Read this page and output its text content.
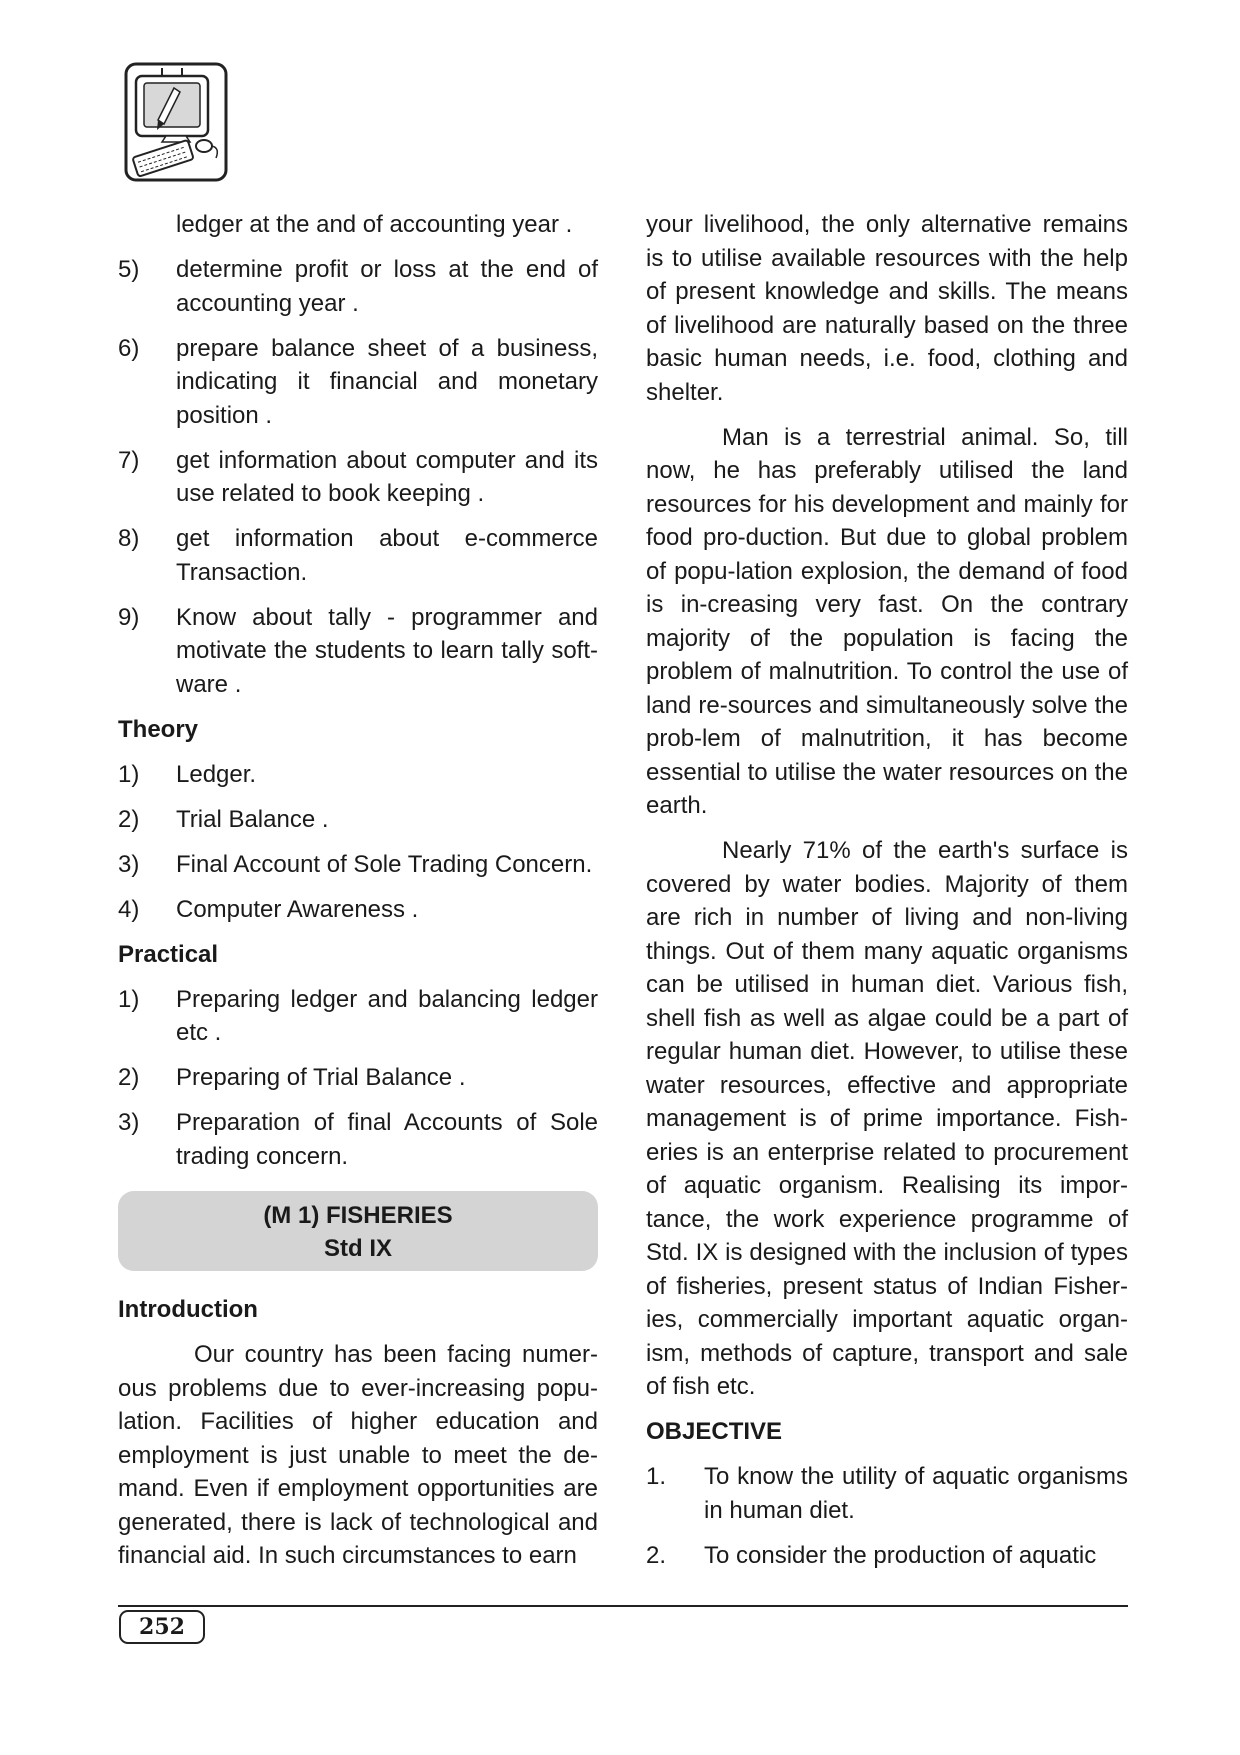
ledger at the and of accounting year .
5)	determine profit or loss at the end of accounting year .
6)	prepare balance sheet of a business, indicating it financial and monetary position .
7)	get information about computer and its use related to book keeping .
8)	get information about e-commerce Transaction.
9)	Know about tally - programmer and motivate the students to learn tally soft-ware .
Theory
1)	Ledger.
2)	Trial Balance .
3)	Final Account of Sole Trading Concern.
4)	Computer Awareness .
Practical
1)	Preparing ledger and balancing ledger etc .
2)	Preparing of Trial Balance .
3)	Preparation of final Accounts of Sole trading concern.
(M 1) FISHERIES
Std IX
Introduction
Our country has been facing numer-ous problems due to ever-increasing popu-lation. Facilities of higher education and employment is just unable to meet the de-mand. Even if employment opportunities are generated, there is lack of technological and financial aid. In such circumstances to earn
your livelihood, the only alternative remains is to utilise available resources with the help of present knowledge and skills. The means of livelihood are naturally based on the three basic human needs, i.e. food, clothing and shelter.
Man is a terrestrial animal. So, till now, he has preferably utilised the land resources for his development and mainly for food pro-duction. But due to global problem of popu-lation explosion, the demand of food is in-creasing very fast. On the contrary majority of the population is facing the problem of malnutrition. To control the use of land re-sources and simultaneously solve the prob-lem of malnutrition, it has become essential to utilise the water resources on the earth.
Nearly 71% of the earth's surface is covered by water bodies. Majority of them are rich in number of living and non-living things. Out of them many aquatic organisms can be utilised in human diet. Various fish, shell fish as well as algae could be a part of regular human diet. However, to utilise these water resources, effective and appropriate management is of prime importance. Fish-eries is an enterprise related to procurement of aquatic organism. Realising its impor-tance, the work experience programme of Std. IX is designed with the inclusion of types of fisheries, present status of Indian Fisher-ies, commercially important aquatic organ-ism, methods of capture, transport and sale of fish etc.
OBJECTIVE
1.	To know the utility of aquatic organisms in human diet.
2.	To consider the production of aquatic
252
